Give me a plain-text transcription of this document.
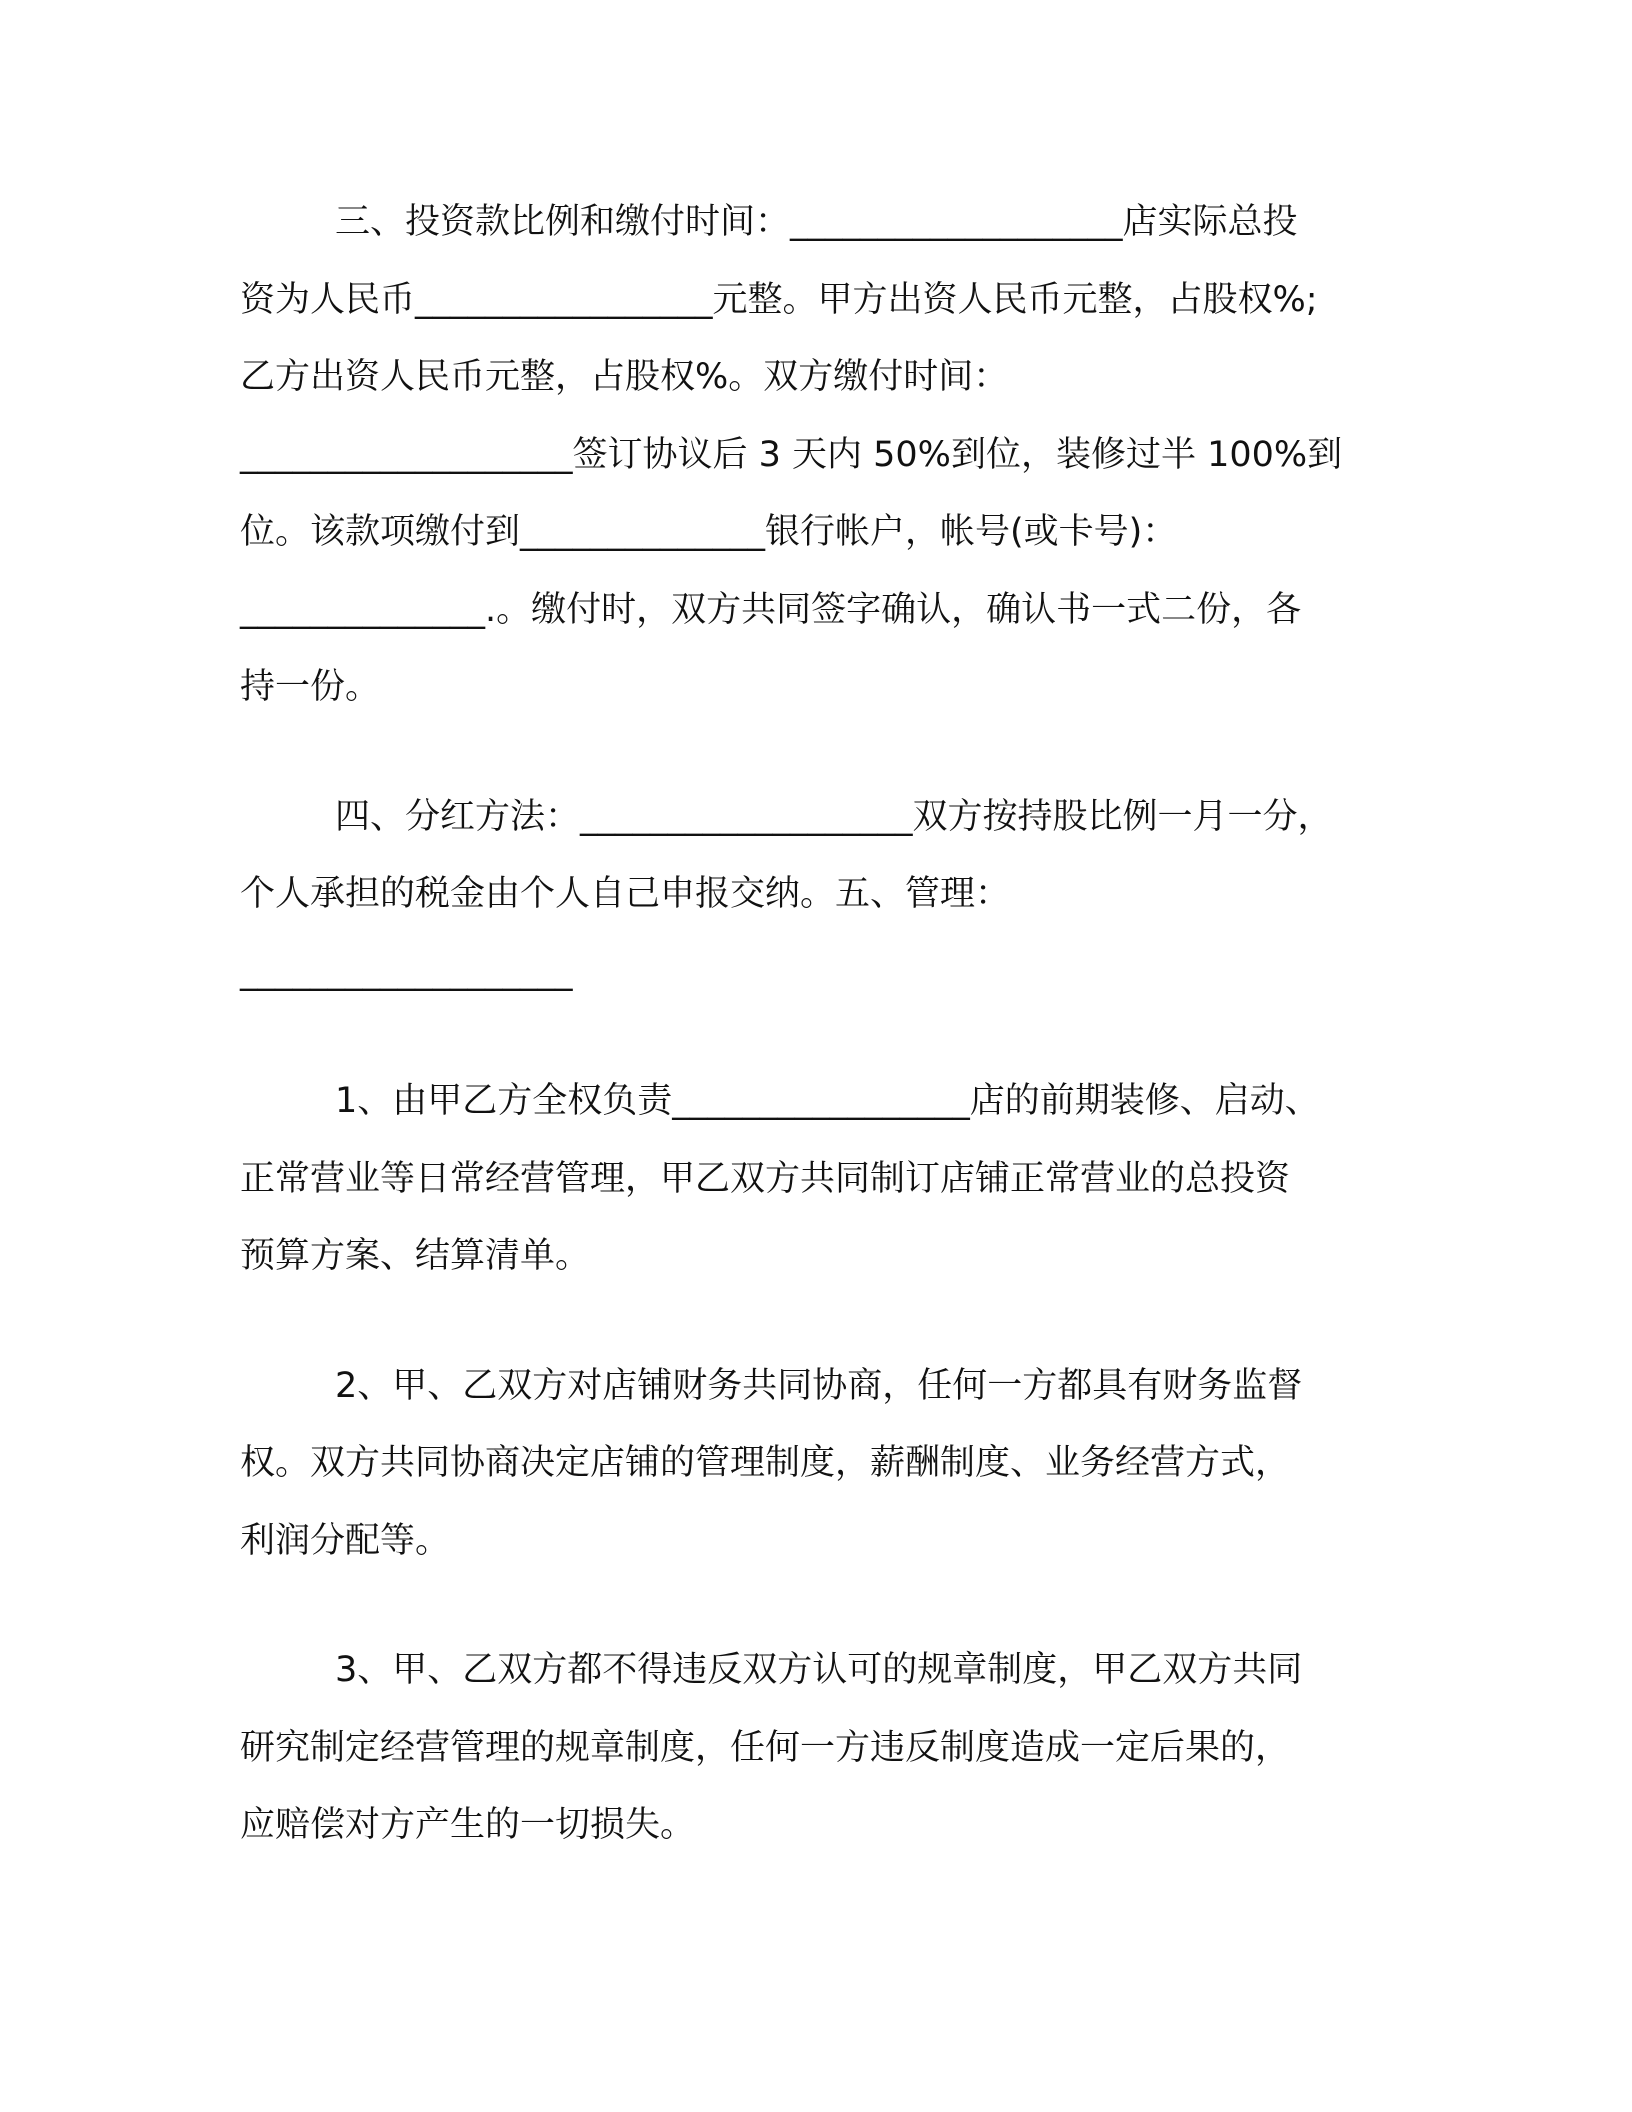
三、投资款比例和缴付时间：___________________店实际总投
资为人民币_________________元整。甲方出资人民币元整，占股权%;
乙方出资人民币元整，占股权%。双方缴付时间：
___________________签订协议后 3 天内 50%到位，装修过半 100%到
位。该款项缴付到______________银行帐户，帐号(或卡号)：
______________.。缴付时，双方共同签字确认，确认书一式二份，各
持一份。
四、分红方法：___________________双方按持股比例一月一分，
个人承担的税金由个人自己申报交纳。五、管理：
___________________
1、由甲乙方全权负责_________________店的前期装修、启动、
正常营业等日常经营管理，甲乙双方共同制订店铺正常营业的总投资
预算方案、结算清单。
2、甲、乙双方对店铺财务共同协商，任何一方都具有财务监督
权。双方共同协商决定店铺的管理制度，薪酬制度、业务经营方式，
利润分配等。
3、甲、乙双方都不得违反双方认可的规章制度，甲乙双方共同
研究制定经营管理的规章制度，任何一方违反制度造成一定后果的，
应赔偿对方产生的一切损失。
